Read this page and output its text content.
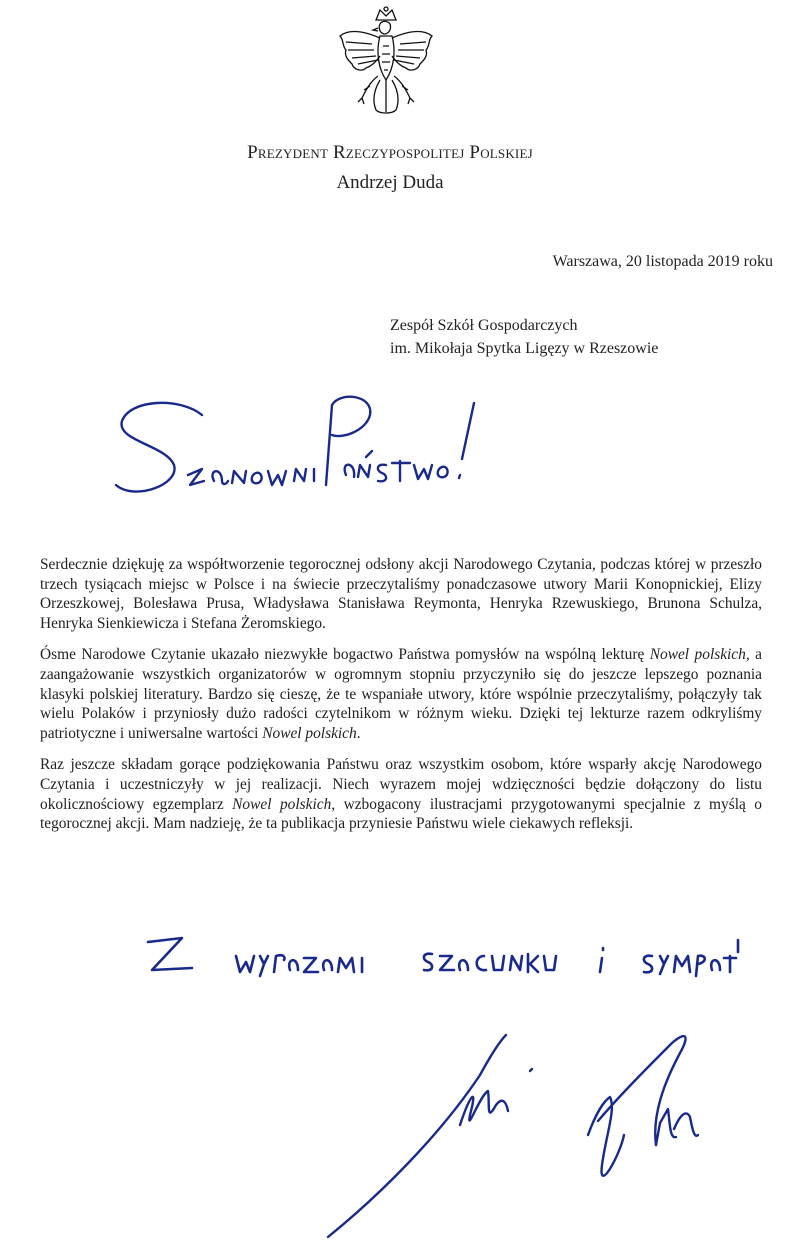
Prezydent Rzeczypospolitej Polskiej
Andrzej Duda
Warszawa, 20 listopada 2019 roku
Zespół Szkół Gospodarczych
im. Mikołaja Spytka Ligęzy w Rzeszowie

Serdecznie dziękuję za współtworzenie tegorocznej odsłony akcji Narodowego Czytania, podczas której w przeszło trzech tysiącach miejsc w Polsce i na świecie przeczytaliśmy ponadczasowe utwory Marii Konopnickiej, Elizy Orzeszkowej, Bolesława Prusa, Władysława Stanisława Reymonta, Henryka Rzewuskiego, Brunona Schulza, Henryka Sienkiewicza i Stefana Żeromskiego.

Ósme Narodowe Czytanie ukazało niezwykłe bogactwo Państwa pomysłów na wspólną lekturę Nowel polskich, a zaangażowanie wszystkich organizatorów w ogromnym stopniu przyczyniło się do jeszcze lepszego poznania klasyki polskiej literatury. Bardzo się cieszę, że te wspaniałe utwory, które wspólnie przeczytaliśmy, połączyły tak wielu Polaków i przyniosły dużo radości czytelnikom w różnym wieku. Dzięki tej lekturze razem odkryliśmy patriotyczne i uniwersalne wartości Nowel polskich.

Raz jeszcze składam gorące podziękowania Państwu oraz wszystkim osobom, które wsparły akcję Narodowego Czytania i uczestniczyły w jej realizacji. Niech wyrazem mojej wdzięczności będzie dołączony do listu okolicznościowy egzemplarz Nowel polskich, wzbogacony ilustracjami przygotowanymi specjalnie z myślą o tegorocznej akcji. Mam nadzieję, że ta publikacja przyniesie Państwu wiele ciekawych refleksji.
